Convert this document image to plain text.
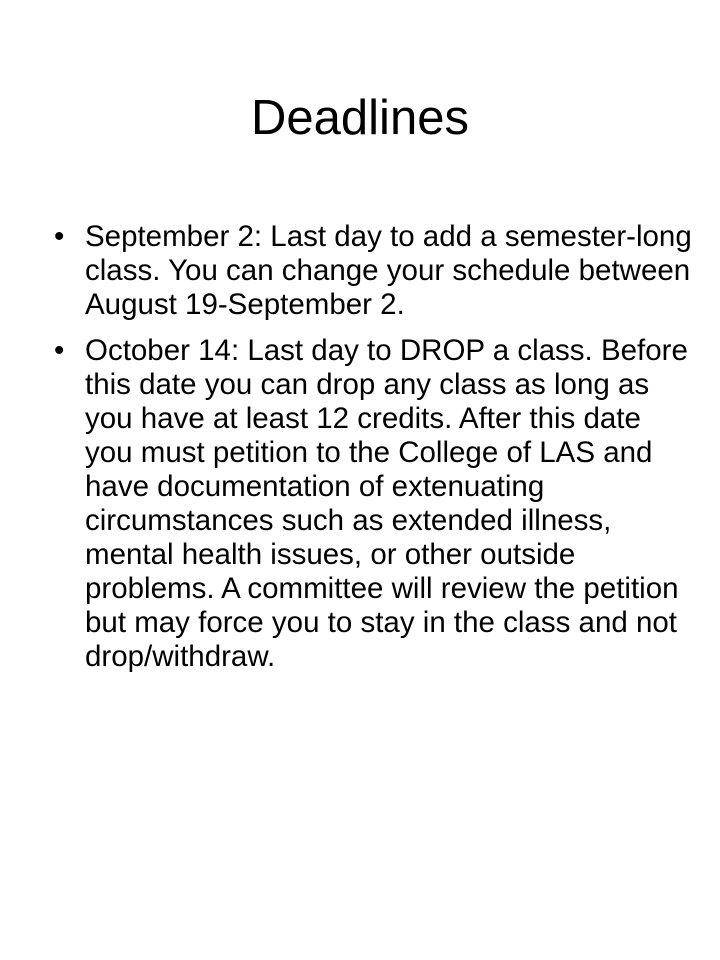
Deadlines
• September 2: Last day to add a semester-long class. You can change your schedule between August 19-September 2.
• October 14: Last day to DROP a class. Before this date you can drop any class as long as you have at least 12 credits. After this date you must petition to the College of LAS and have documentation of extenuating circumstances such as extended illness, mental health issues, or other outside problems. A committee will review the petition but may force you to stay in the class and not drop/withdraw.
